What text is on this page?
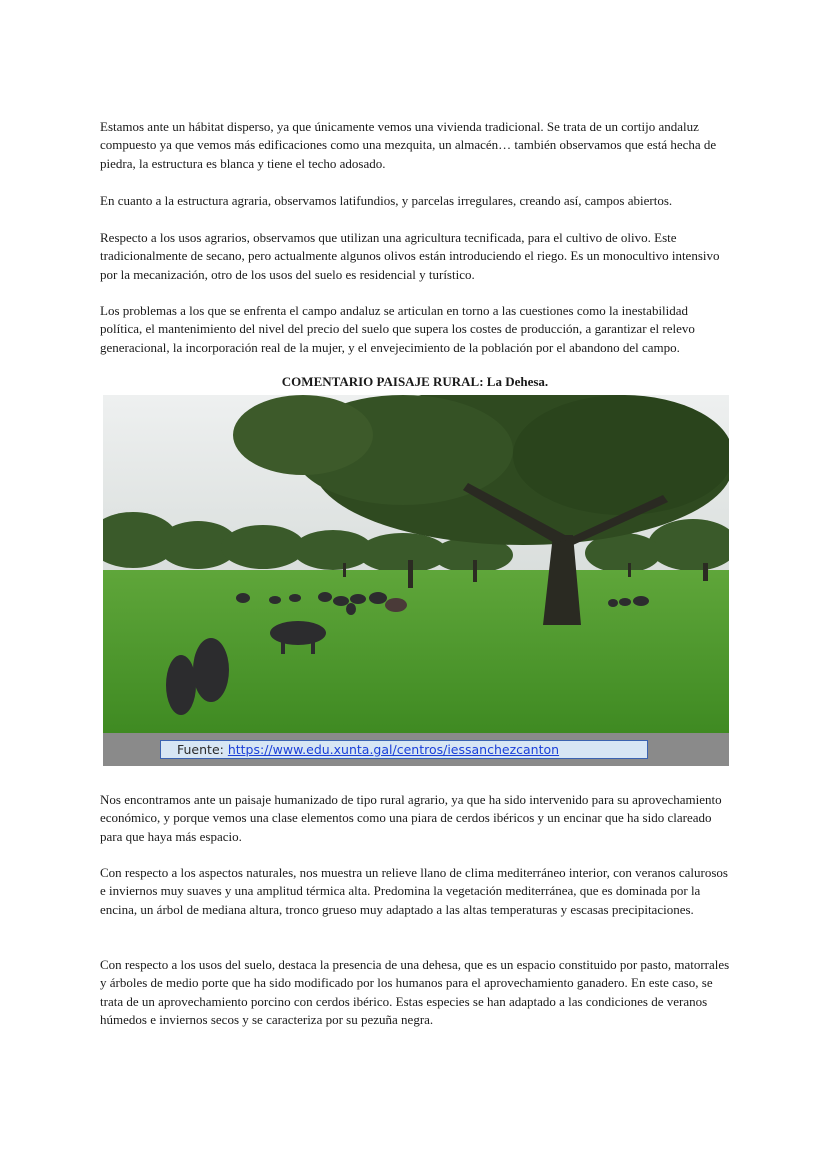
Estamos ante un hábitat disperso, ya que únicamente vemos una vivienda tradicional. Se trata de un cortijo andaluz compuesto ya que vemos más edificaciones como una mezquita, un almacén… también observamos que está hecha de piedra, la estructura es blanca y tiene el techo adosado.

En cuanto a la estructura agraria, observamos latifundios, y parcelas irregulares, creando así, campos abiertos.

Respecto a los usos agrarios, observamos que utilizan una agricultura tecnificada, para el cultivo de olivo. Este tradicionalmente de secano, pero actualmente algunos olivos están introduciendo el riego. Es un monocultivo intensivo por la mecanización, otro de los usos del suelo es residencial y turístico.

Los problemas a los que se enfrenta el campo andaluz se articulan en torno a las cuestiones como la inestabilidad política, el mantenimiento del nivel del precio del suelo que supera los costes de producción, a garantizar el relevo generacional, la incorporación real de la mujer, y el envejecimiento de la población por el abandono del campo.

COMENTARIO PAISAJE RURAL: La Dehesa.
Fuente: https://www.edu.xunta.gal/centros/iessanchezcanton

Nos encontramos ante un paisaje humanizado de tipo rural agrario, ya que ha sido intervenido para su aprovechamiento económico, y porque vemos una clase elementos como una piara de cerdos ibéricos y un encinar que ha sido clareado para que haya más espacio.

Con respecto a los aspectos naturales, nos muestra un relieve llano de clima mediterráneo interior, con veranos calurosos e inviernos muy suaves y una amplitud térmica alta. Predomina la vegetación mediterránea, que es dominada por la encina, un árbol de mediana altura, tronco grueso muy adaptado a las altas temperaturas y escasas precipitaciones.

Con respecto a los usos del suelo, destaca la presencia de una dehesa, que es un espacio constituido por pasto, matorrales y árboles de medio porte que ha sido modificado por los humanos para el aprovechamiento ganadero. En este caso, se trata de un aprovechamiento porcino con cerdos ibérico. Estas especies se han adaptado a las condiciones de veranos húmedos e inviernos secos y se caracteriza por su pezuña negra.
